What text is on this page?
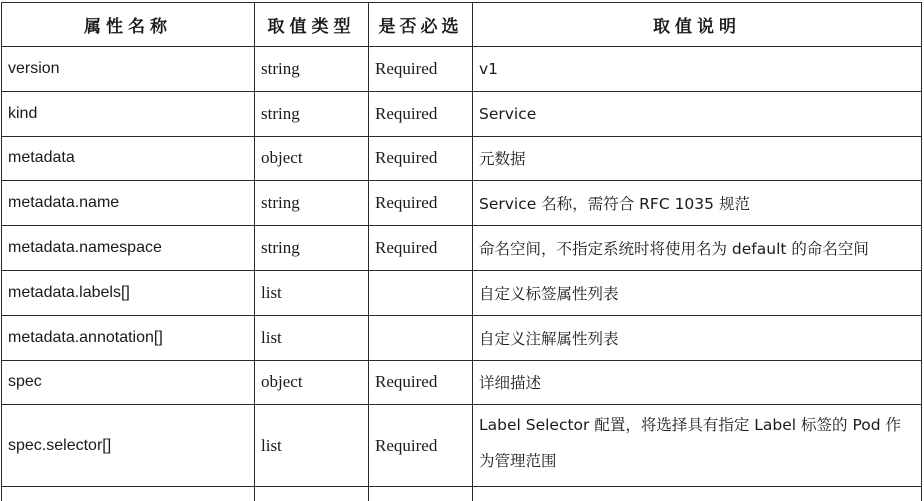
属性名称	取值类型	是否必选	取值说明
version	string	Required	v1
kind	string	Required	Service
metadata	object	Required	元数据
metadata.name	string	Required	Service 名称，需符合 RFC 1035 规范
metadata.namespace	string	Required	命名空间，不指定系统时将使用名为 default 的命名空间
metadata.labels[]	list		自定义标签属性列表
metadata.annotation[]	list		自定义注解属性列表
spec	object	Required	详细描述
spec.selector[]	list	Required	Label Selector 配置，将选择具有指定 Label 标签的 Pod 作为管理范围
